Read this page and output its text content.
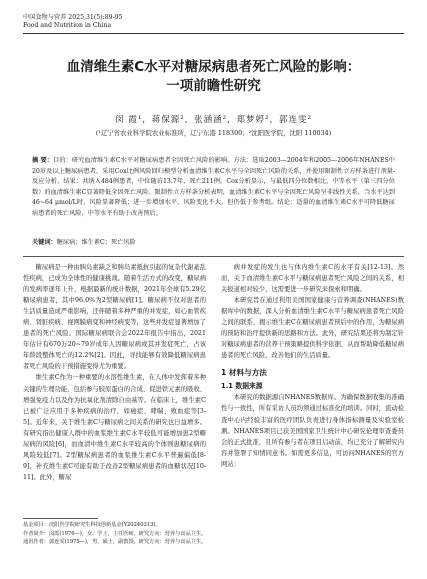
中国食物与营养 2025,31(5):89-95
Food and Nutrition in China
血清维生素C水平对糖尿病患者死亡风险的影响：
一项前瞻性研究
闵 霞¹，蒋保源²，张涵涵²，郑梦婷²，郭连雯²
(¹辽宁省农业科学院农业标准所，辽宁东港 118300；²沈阳医学院，沈阳 110034)
摘 要：目的：研究血清维生素C水平对糖尿病患者全因死亡风险的影响。方法：选取2003—2004年和2005—2006年NHANES中20岁及以上糖尿病患者，采用Cox比例风险回归模型分析血清维生素C水平与全因死亡风险的关系，并使用限制性立方样条进行剂量-反应分析。结果：共纳入484例患者，中位随访13.7年，死亡211例。Cox分析显示，与最低四分位数相比，中等水平（第三四分位数）的血清维生素C显著降低全因死亡风险。限制性立方样条分析表明，血清维生素C水平与全因死亡风险呈非线性关系，当水平达到46~64 μmol/L时，风险显著降低；进一步增加水平，风险变化不大，但仍低于参考组。结论：适量的血清维生素C水平可降低糖尿病患者的死亡风险，中等水平有助于改善预后。
关键词：糖尿病；维生素C；死亡风险

糖尿病是一种由胰岛素缺乏和胰岛素抵抗引起的复杂代谢紊乱性疾病，已成为全球性的健康挑战。随着生活方式的改变，糖尿病的发病率逐年上升，根据最新的统计数据，2021年全球有5.29亿糖尿病患者，其中96.0%为2型糖尿病[1]。糖尿病不仅对患者的生活质量造成严重影响，还伴随着多种严重的并发症，如心血管疾病、肾脏疾病、视网膜病变和神经病变等，这些并发症显著增加了患者的死亡风险。国际糖尿病联合会2022年报告中指出，2021年估计有670万20~79岁成年人因糖尿病或其并发症死亡，占该年龄段整体死亡的12.2%[2]。因此，寻找能够有效降低糖尿病患者死亡风险的干预措施变得尤为重要。

维生素C作为一种重要的水溶性维生素，在人体中发挥着多种关键的生理功能，包括参与胶原蛋白的合成、促进铁元素的吸收、增强免疫力以及作为抗氧化剂清除自由基等。在临床上，维生素C已被广泛应用于多种疾病的治疗，如癌症、哮喘、败血症等[3-5]。近年来，关于维生素C与糖尿病之间关系的研究也日益增多。有研究指出健康人群中的血浆维生素C水平较低可能增加患2型糖尿病的风险[6]，而血清中维生素C水平较高的个体则患糖尿病的风险较低[7]。2型糖尿病患者的血浆维生素C水平普遍偏低[8-9]，补充维生素C可能有助于改善2型糖尿病患者的血糖状况[10-11]。此外，糖尿

病并发症的发生也与体内维生素C的水平有关[12-13]。然而，关于血清维生素C水平与糖尿病患者死亡风险之间的关系，相关报道相对较少，这需要进一步研究来探索和明确。

本研究旨在通过利用美国国家健康与营养调查(NHANES)数据库中的数据，深入分析血清维生素C水平与糖尿病患者死亡风险之间的联系，揭示维生素C在糖尿病患者预后中的作用，为糖尿病的预防和治疗提供新的思路和方法。此外，研究结果还将为制定针对糖尿病患者的营养干预策略提供科学依据，从而帮助降低糖尿病患者的死亡风险，改善他们的生活质量。

1 材料与方法
1.1 数据来源

本研究的数据源自NHANES数据库。为确保数据收集的准确性与一致性，所有采访人员均须通过标准化的培训。同时，流动检查中心内经验丰富的医疗团队负责进行身体指标测量及实验室检测。NHANES项目已获美国国家卫生统计中心研究伦理审查委员会的正式批准，且所有参与者在项目启动前，均已充分了解研究内容并签署了知情同意书。如需更多信息，可访问NHANES的官方网站：

基金项目：沈阳医学院研究生科技创新基金(Y20240313)。
作者简介：闵霞(1976—)，女，学士，主任医师，研究方向：营养与食品卫生。
通讯作者：郭连雯(1975—)，男，硕士，副教授，研究方向：营养与食品卫生。
